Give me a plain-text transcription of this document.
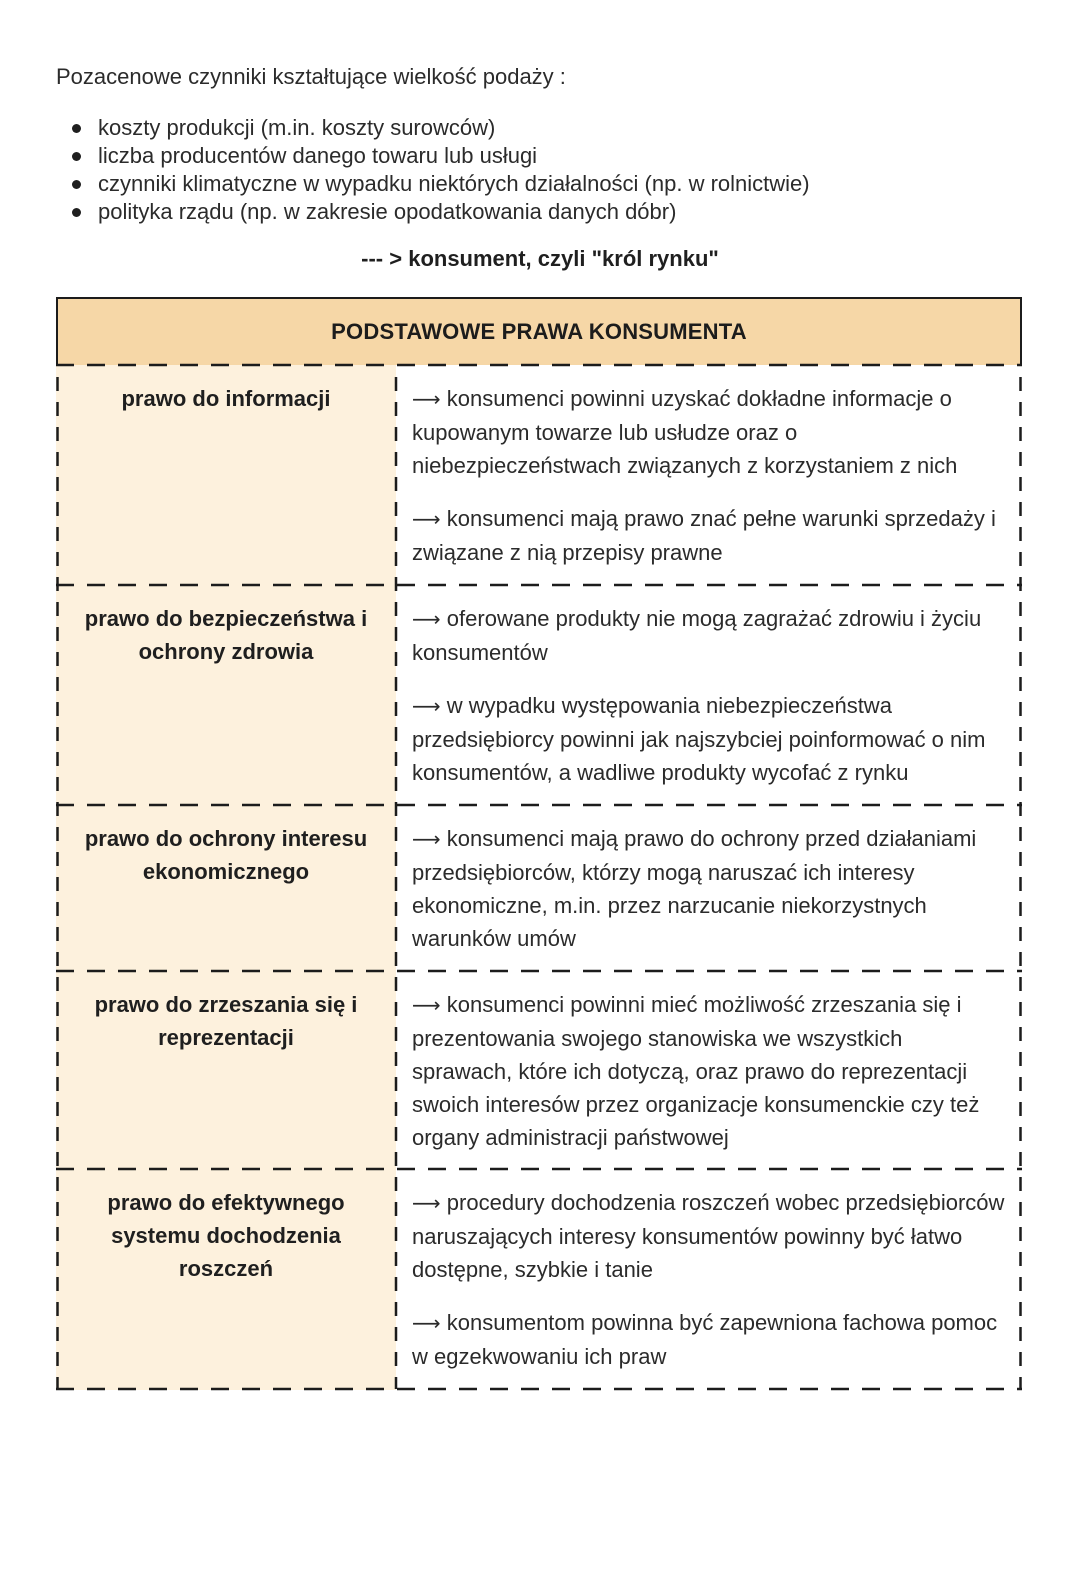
Pozacenowe czynniki kształtujące wielkość podaży :
koszty produkcji (m.in. koszty surowców)
liczba producentów danego towaru lub usługi
czynniki klimatyczne w wypadku niektórych działalności (np. w rolnictwie)
polityka rządu (np. w zakresie opodatkowania danych dóbr)
--- > konsument, czyli "król rynku"
PODSTAWOWE PRAWA KONSUMENTA
prawo do informacji	⟶ konsumenci powinni uzyskać dokładne informacje o kupowanym towarze lub usłudze oraz o niebezpieczeństwach związanych z korzystaniem z nich

⟶ konsumenci mają prawo znać pełne warunki sprzedaży i związane z nią przepisy prawne

prawo do bezpieczeństwa i ochrony zdrowia

⟶ oferowane produkty nie mogą zagrażać zdrowiu i życiu konsumentów

⟶ w wypadku występowania niebezpieczeństwa przedsiębiorcy powinni jak najszybciej poinformować o nim konsumentów, a wadliwe produkty wycofać z rynku

prawo do ochrony interesu ekonomicznego

⟶ konsumenci mają prawo do ochrony przed działaniami przedsiębiorców, którzy mogą naruszać ich interesy ekonomiczne, m.in. przez narzucanie niekorzystnych warunków umów

prawo do zrzeszania się i reprezentacji

⟶ konsumenci powinni mieć możliwość zrzeszania się i prezentowania swojego stanowiska we wszystkich sprawach, które ich dotyczą, oraz prawo do reprezentacji swoich interesów przez organizacje konsumenckie czy też organy administracji państwowej

prawo do efektywnego systemu dochodzenia roszczeń

⟶ procedury dochodzenia roszczeń wobec przedsiębiorców naruszających interesy konsumentów powinny być łatwo dostępne, szybkie i tanie

⟶ konsumentom powinna być zapewniona fachowa pomoc w egzekwowaniu ich praw
